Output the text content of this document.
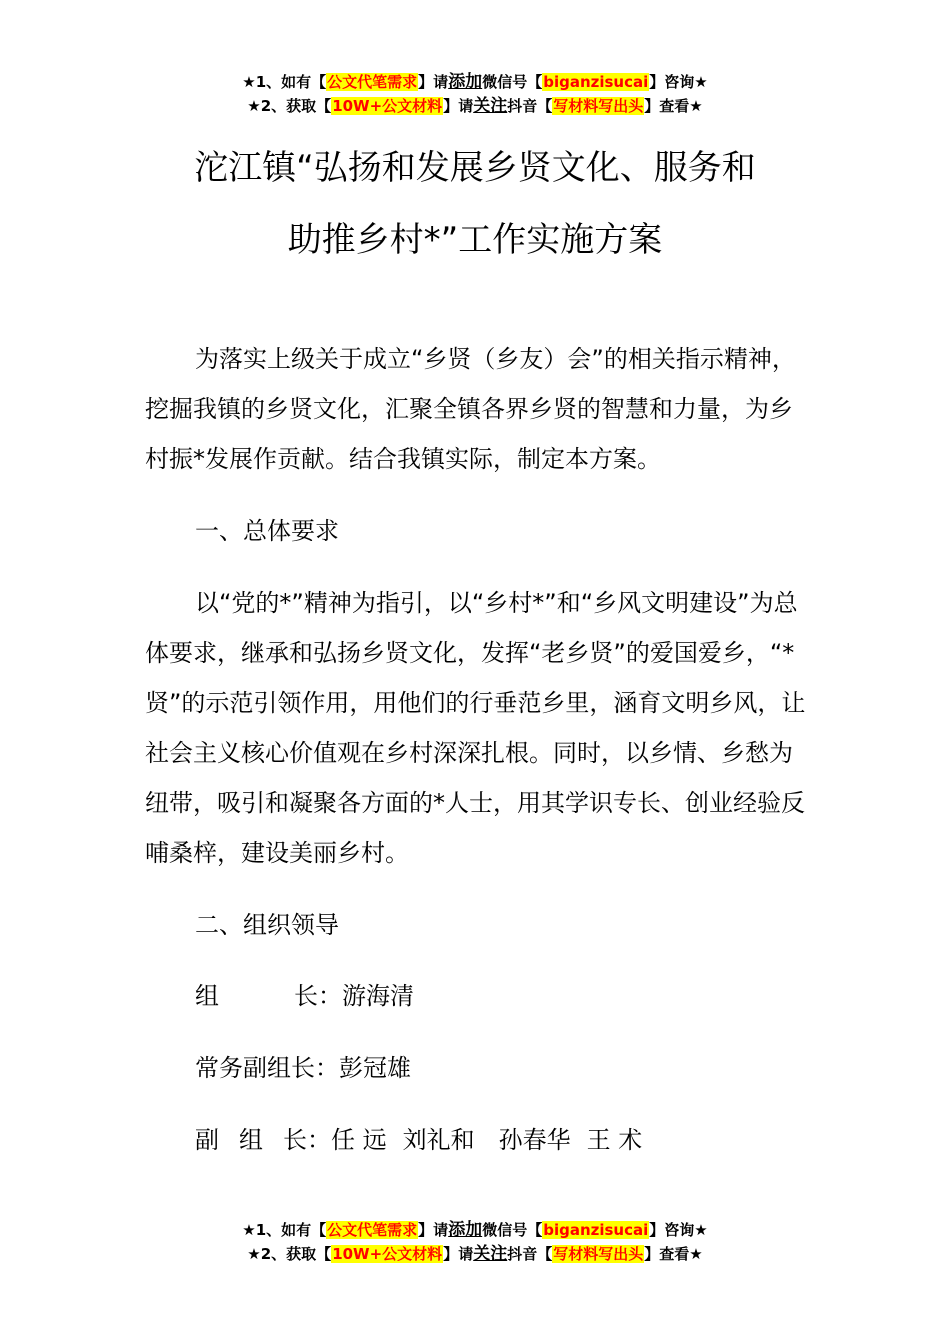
★1、如有【公文代笔需求】请添加微信号【biganzisucai】咨询★
★2、获取【10W+公文材料】请关注抖音【写材料写出头】查看★
沱江镇“弘扬和发展乡贤文化、服务和
助推乡村*”工作实施方案

为落实上级关于成立“乡贤（乡友）会”的相关指示精神，挖掘我镇的乡贤文化，汇聚全镇各界乡贤的智慧和力量，为乡村振*发展作贡献。结合我镇实际，制定本方案。

一、总体要求

以“党的*”精神为指引，以“乡村*”和“乡风文明建设”为总体要求，继承和弘扬乡贤文化，发挥“老乡贤”的爱国爱乡，“*贤”的示范引领作用，用他们的行垂范乡里，涵育文明乡风，让社会主义核心价值观在乡村深深扎根。同时，以乡情、乡愁为纽带，吸引和凝聚各方面的*人士，用其学识专长、创业经验反哺桑梓，建设美丽乡村。

二、组织领导

组	长：游海清
常务副组长：彭冠雄
副 组 长：任 远 刘礼和 孙春华 王 术
★1、如有【公文代笔需求】请添加微信号【biganzisucai】咨询★
★2、获取【10W+公文材料】请关注抖音【写材料写出头】查看★
